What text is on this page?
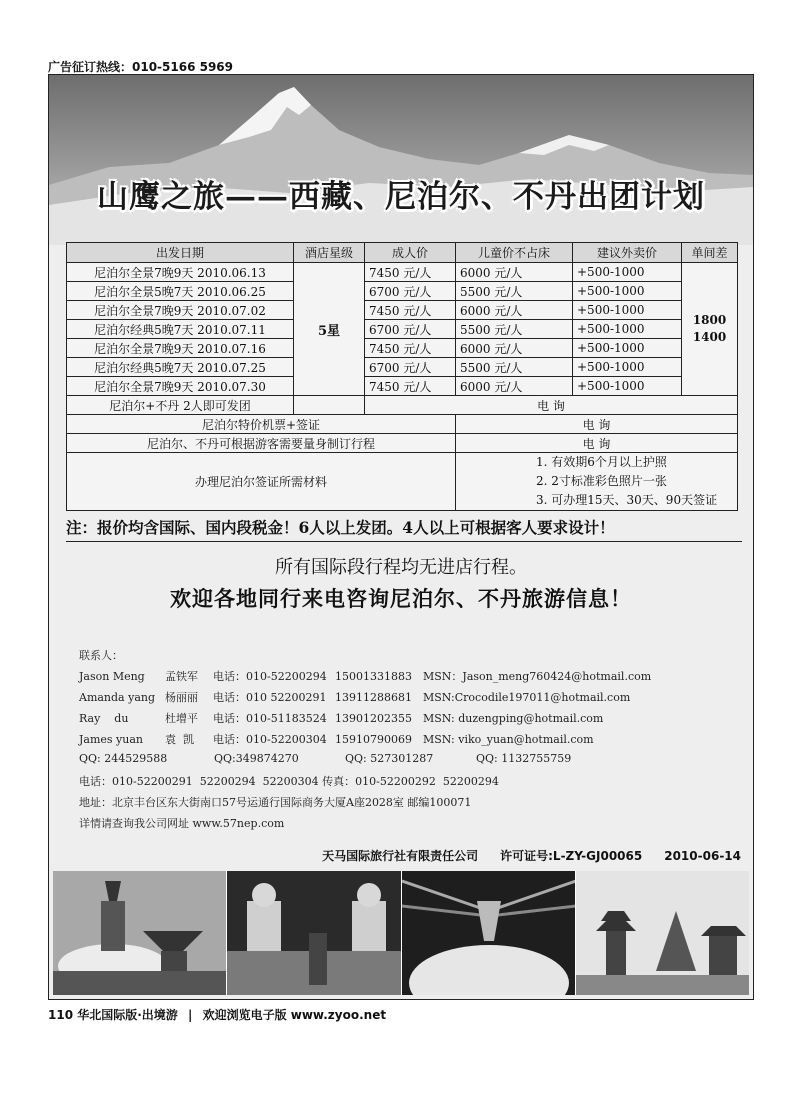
广告征订热线：010-5166 5969
山鹰之旅——西藏、尼泊尔、不丹出团计划
出发日期	酒店星级	成人价	儿童价不占床	建议外卖价	单间差
尼泊尔全景7晚9天 2010.06.13	5星	7450 元/人	6000 元/人	+500-1000	1800
1400

尼泊尔全景5晚7天 2010.06.25		6700 元/人	5500 元/人	+500-1000	
尼泊尔全景7晚9天 2010.07.02		7450 元/人	6000 元/人	+500-1000	
尼泊尔经典5晚7天 2010.07.11		6700 元/人	5500 元/人	+500-1000	
尼泊尔全景7晚9天 2010.07.16		7450 元/人	6000 元/人	+500-1000	
尼泊尔经典5晚7天 2010.07.25		6700 元/人	5500 元/人	+500-1000	
尼泊尔全景7晚9天 2010.07.30		7450 元/人	6000 元/人	+500-1000	
尼泊尔+不丹 2人即可发团		电 询			
尼泊尔特价机票+签证			电 询		
尼泊尔、不丹可根据游客需要量身制订行程			电 询		
办理尼泊尔签证所需材料			1. 有效期6个月以上护照
2. 2寸标准彩色照片一张
3. 可办理15天、30天、90天签证		
注：报价均含国际、国内段税金！6人以上发团。4人以上可根据客人要求设计！
所有国际段行程均无进店行程。
欢迎各地同行来电咨询尼泊尔、不丹旅游信息！
联系人：
Jason Meng 孟铁军 电话：010-52200294 15001331883 MSN：Jason_meng760424@hotmail.com
Amanda yang 杨丽丽 电话：010 52200291 13911288681 MSN:Crocodile197011@hotmail.com
Ray    du	杜增平 电话：010-51183524 13901202355 MSN: duzengping@hotmail.com
James yuan 袁  凯 电话：010-52200304 15910790069 MSN: viko_yuan@hotmail.com
QQ: 244529588	QQ:349874270	QQ: 527301287	QQ: 1132755759
电话：010-52200291  52200294  52200304 传真：010-52200292  52200294
地址：北京丰台区东大街南口57号运通行国际商务大厦A座2028室 邮编100071
详情请查询我公司网址 www.57nep.com
天马国际旅行社有限责任公司 许可证号:L-ZY-GJ00065 2010-06-14
110 华北国际版·出境游 | 欢迎浏览电子版 www.zyoo.net
